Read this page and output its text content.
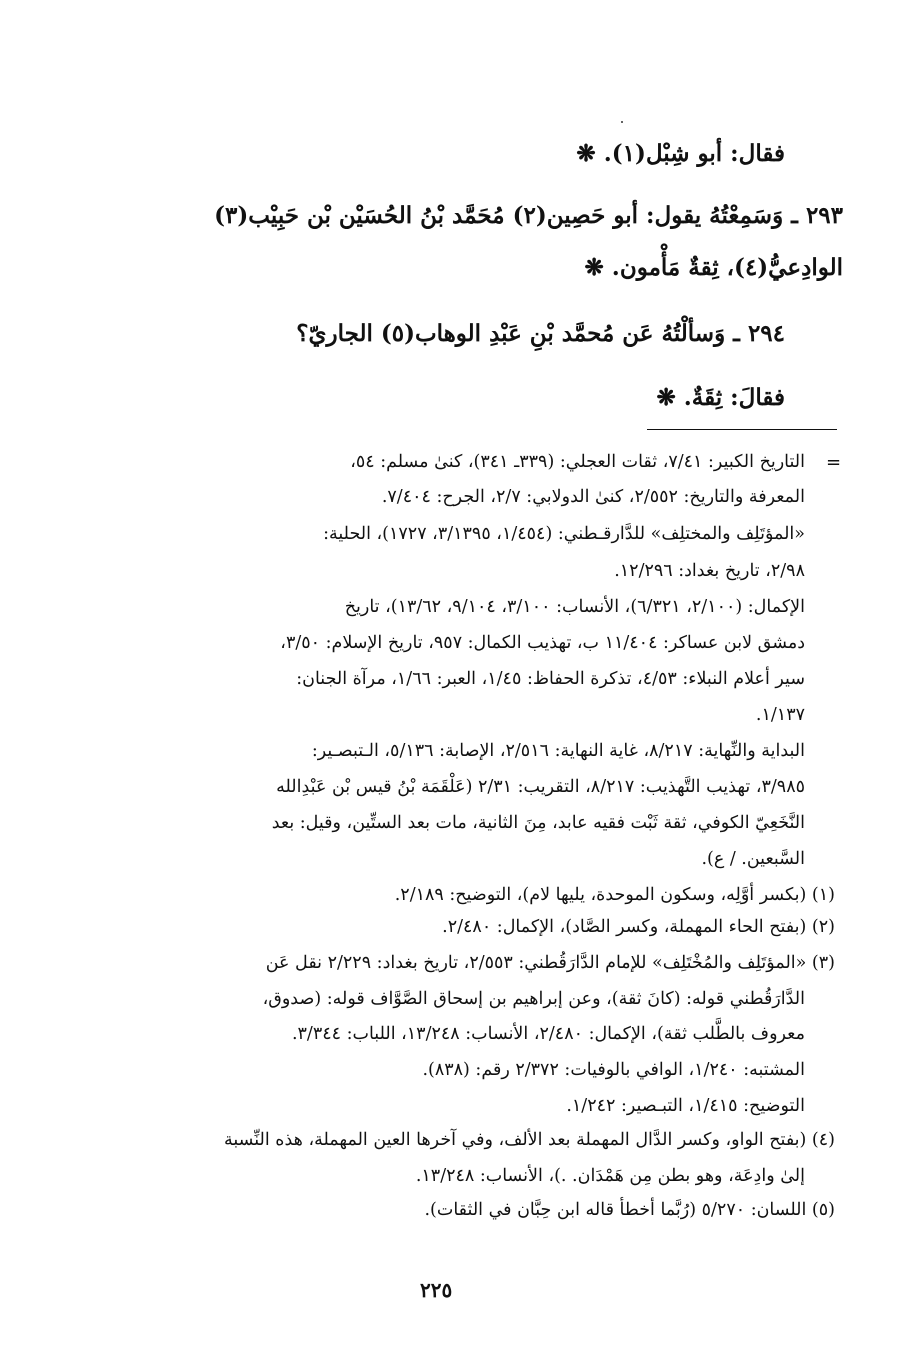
فقال: أبو شِبْل(١). ❋
٢٩٣ ـ وَسَمِعْتُهُ يقول: أبو حَصِين(٢) مُحَمَّد بْنُ الحُسَيْن بْن حَبِيْب(٣)
الوادِعيُّ(٤)، ثِقةٌ مَأْمون. ❋
٢٩٤ ـ وَسألْتُهُ عَن مُحمَّد بْنِ عَبْدِ الوهاب(٥) الجاريّ؟
فقالَ: ثِقَةٌ. ❋
=
التاريخ الكبير: ٧/٤١، ثقات العجلي: (٣٣٩ـ ٣٤١)، كنىٰ مسلم: ٥٤،
المعرفة والتاريخ: ٢/٥٥٢، كنىٰ الدولابي: ٢/٧، الجرح: ٧/٤٠٤.
«المؤتَلِف والمختلِف» للدَّارقـطني: (١/٤٥٤، ٣/١٣٩٥، ١٧٢٧)، الحلية:
٢/٩٨، تاريخ بغداد: ١٢/٢٩٦.
الإكمال: (٢/١٠٠، ٦/٣٢١)، الأنساب: ٣/١٠٠، ٩/١٠٤، ١٣/٦٢)، تاريخ
دمشق لابن عساكر: ١١/٤٠٤ ب، تهذيب الكمال: ٩٥٧، تاريخ الإسلام: ٣/٥٠،
سير أعلام النبلاء: ٤/٥٣، تذكرة الحفاظ: ١/٤٥، العبر: ١/٦٦، مرآة الجنان:
١/١٣٧.
البداية والنِّهاية: ٨/٢١٧، غاية النهاية: ٢/٥١٦، الإصابة: ٥/١٣٦، الـتبصـير:
٣/٩٨٥، تهذيب التَّهذيب: ٨/٢١٧، التقريب: ٢/٣١ (عَلْقَمَة بْنُ قيس بْن عَبْدِالله
النَّخَعِيّ الكوفي، ثقة ثَبْت فقيه عابد، مِنَ الثانية، مات بعد الستِّين، وقيل: بعد
السَّبعين. / ع).
(١) (بكسر أوَّلِه، وسكون الموحدة، يليها لام)، التوضيح: ٢/١٨٩.
(٢) (بفتح الحاء المهملة، وكسر الصَّاد)، الإكمال: ٢/٤٨٠.
(٣) «المؤتَلِف والمُخْتَلِف» للإمام الدَّارَقُطني: ٢/٥٥٣، تاريخ بغداد: ٢/٢٢٩ نقل عَن
الدَّارَقُطني قوله: (كانَ ثقة)، وعن إبراهيم بن إسحاق الصَّوَّاف قوله: (صدوق،
معروف بالطَّلب ثقة)، الإكمال: ٢/٤٨٠، الأنساب: ١٣/٢٤٨، اللباب: ٣/٣٤٤.
المشتبه: ١/٢٤٠، الوافي بالوفيات: ٢/٣٧٢ رقم: (٨٣٨).
التوضيح: ١/٤١٥، التبـصير: ١/٢٤٢.
(٤) (بفتح الواو، وكسر الدَّال المهملة بعد الألف، وفي آخرها العين المهملة، هذه النِّسبة
إلىٰ وادِعَة، وهو بطن مِن هَمْدَان. .)، الأنساب: ١٣/٢٤٨.
(٥) اللسان: ٥/٢٧٠ (رُبَّما أخطأ قاله ابن حِبَّان في الثقات).
٢٢٥
